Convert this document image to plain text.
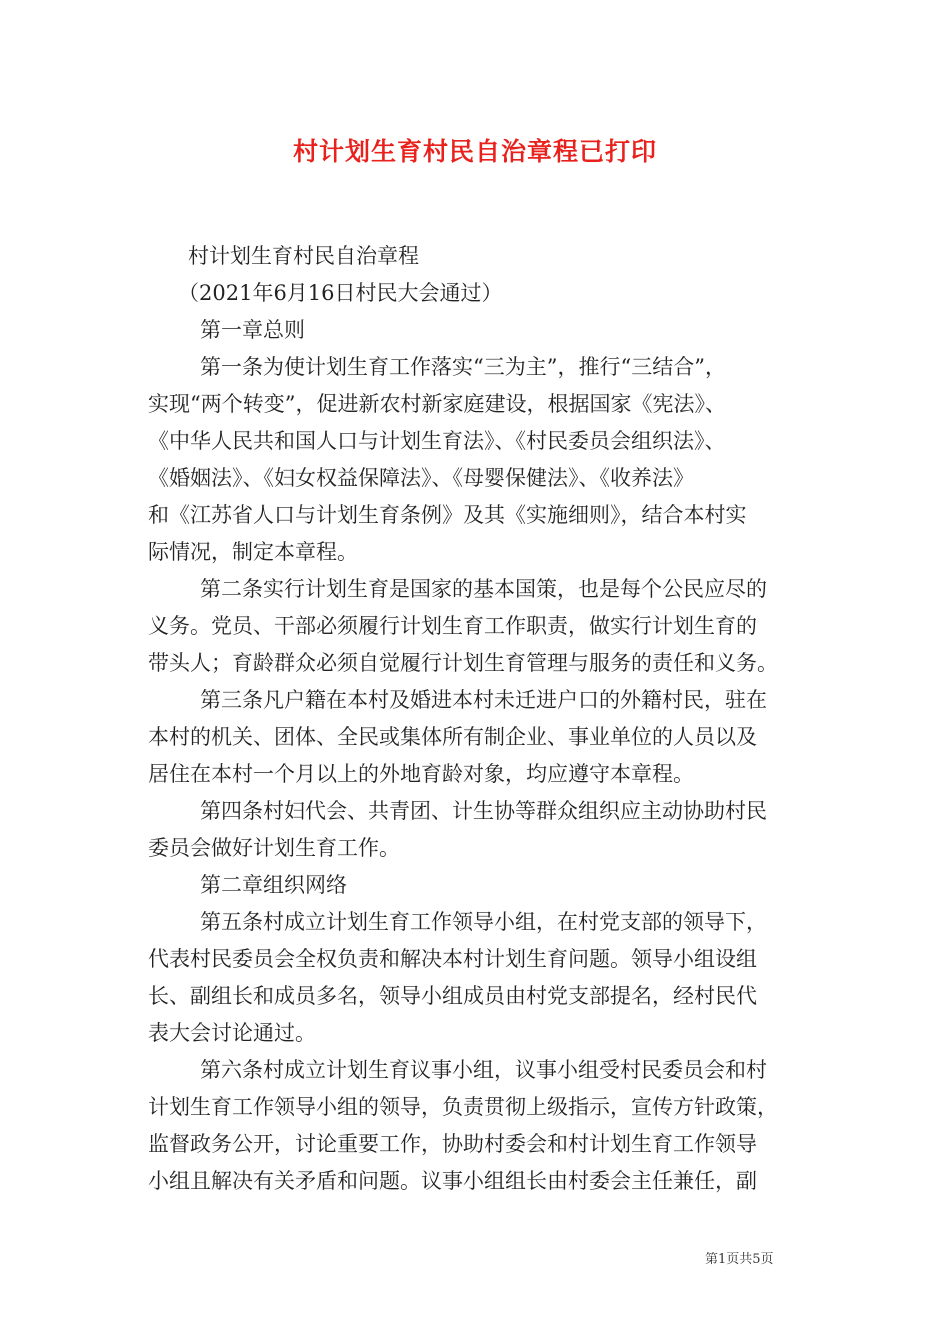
村计划生育村民自治章程已打印
村计划生育村民自治章程
（2021年6月16日村民大会通过）
第一章总则
第一条为使计划生育工作落实“三为主”，推行“三结合”，
实现“两个转变”，促进新农村新家庭建设，根据国家《宪法》、
《中华人民共和国人口与计划生育法》、《村民委员会组织法》、
《婚姻法》、《妇女权益保障法》、《母婴保健法》、《收养法》
和《江苏省人口与计划生育条例》及其《实施细则》，结合本村实
际情况，制定本章程。
第二条实行计划生育是国家的基本国策，也是每个公民应尽的
义务。党员、干部必须履行计划生育工作职责，做实行计划生育的
带头人；育龄群众必须自觉履行计划生育管理与服务的责任和义务。
第三条凡户籍在本村及婚进本村未迁进户口的外籍村民，驻在
本村的机关、团体、全民或集体所有制企业、事业单位的人员以及
居住在本村一个月以上的外地育龄对象，均应遵守本章程。
第四条村妇代会、共青团、计生协等群众组织应主动协助村民
委员会做好计划生育工作。
第二章组织网络
第五条村成立计划生育工作领导小组，在村党支部的领导下，
代表村民委员会全权负责和解决本村计划生育问题。领导小组设组
长、副组长和成员多名，领导小组成员由村党支部提名，经村民代
表大会讨论通过。
第六条村成立计划生育议事小组，议事小组受村民委员会和村
计划生育工作领导小组的领导，负责贯彻上级指示，宣传方针政策，
监督政务公开，讨论重要工作，协助村委会和村计划生育工作领导
小组且解决有关矛盾和问题。议事小组组长由村委会主任兼任，副
第1页共5页
